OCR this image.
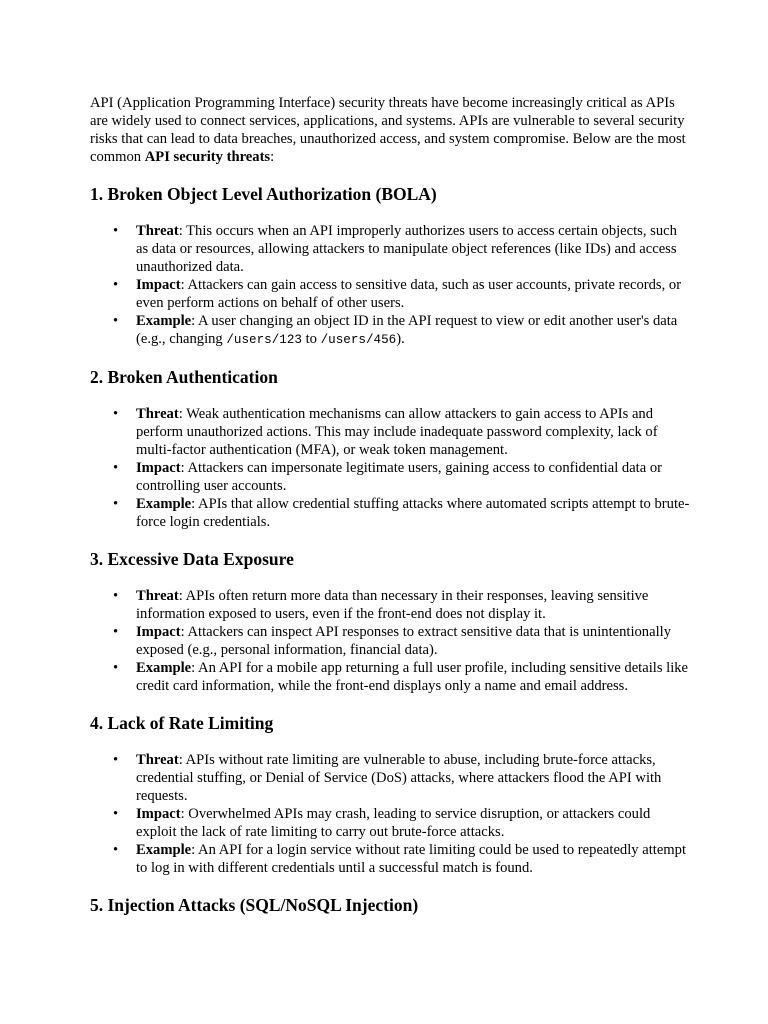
API (Application Programming Interface) security threats have become increasingly critical as APIs are widely used to connect services, applications, and systems. APIs are vulnerable to several security risks that can lead to data breaches, unauthorized access, and system compromise. Below are the most common API security threats:

1. Broken Object Level Authorization (BOLA)
• Threat: This occurs when an API improperly authorizes users to access certain objects, such as data or resources, allowing attackers to manipulate object references (like IDs) and access unauthorized data.
• Impact: Attackers can gain access to sensitive data, such as user accounts, private records, or even perform actions on behalf of other users.
• Example: A user changing an object ID in the API request to view or edit another user's data (e.g., changing /users/123 to /users/456).
2. Broken Authentication
• Threat: Weak authentication mechanisms can allow attackers to gain access to APIs and perform unauthorized actions. This may include inadequate password complexity, lack of multi-factor authentication (MFA), or weak token management.
• Impact: Attackers can impersonate legitimate users, gaining access to confidential data or controlling user accounts.
• Example: APIs that allow credential stuffing attacks where automated scripts attempt to brute-force login credentials.
3. Excessive Data Exposure
• Threat: APIs often return more data than necessary in their responses, leaving sensitive information exposed to users, even if the front-end does not display it.
• Impact: Attackers can inspect API responses to extract sensitive data that is unintentionally exposed (e.g., personal information, financial data).
• Example: An API for a mobile app returning a full user profile, including sensitive details like credit card information, while the front-end displays only a name and email address.
4. Lack of Rate Limiting
• Threat: APIs without rate limiting are vulnerable to abuse, including brute-force attacks, credential stuffing, or Denial of Service (DoS) attacks, where attackers flood the API with requests.
• Impact: Overwhelmed APIs may crash, leading to service disruption, or attackers could exploit the lack of rate limiting to carry out brute-force attacks.
• Example: An API for a login service without rate limiting could be used to repeatedly attempt to log in with different credentials until a successful match is found.
5. Injection Attacks (SQL/NoSQL Injection)
